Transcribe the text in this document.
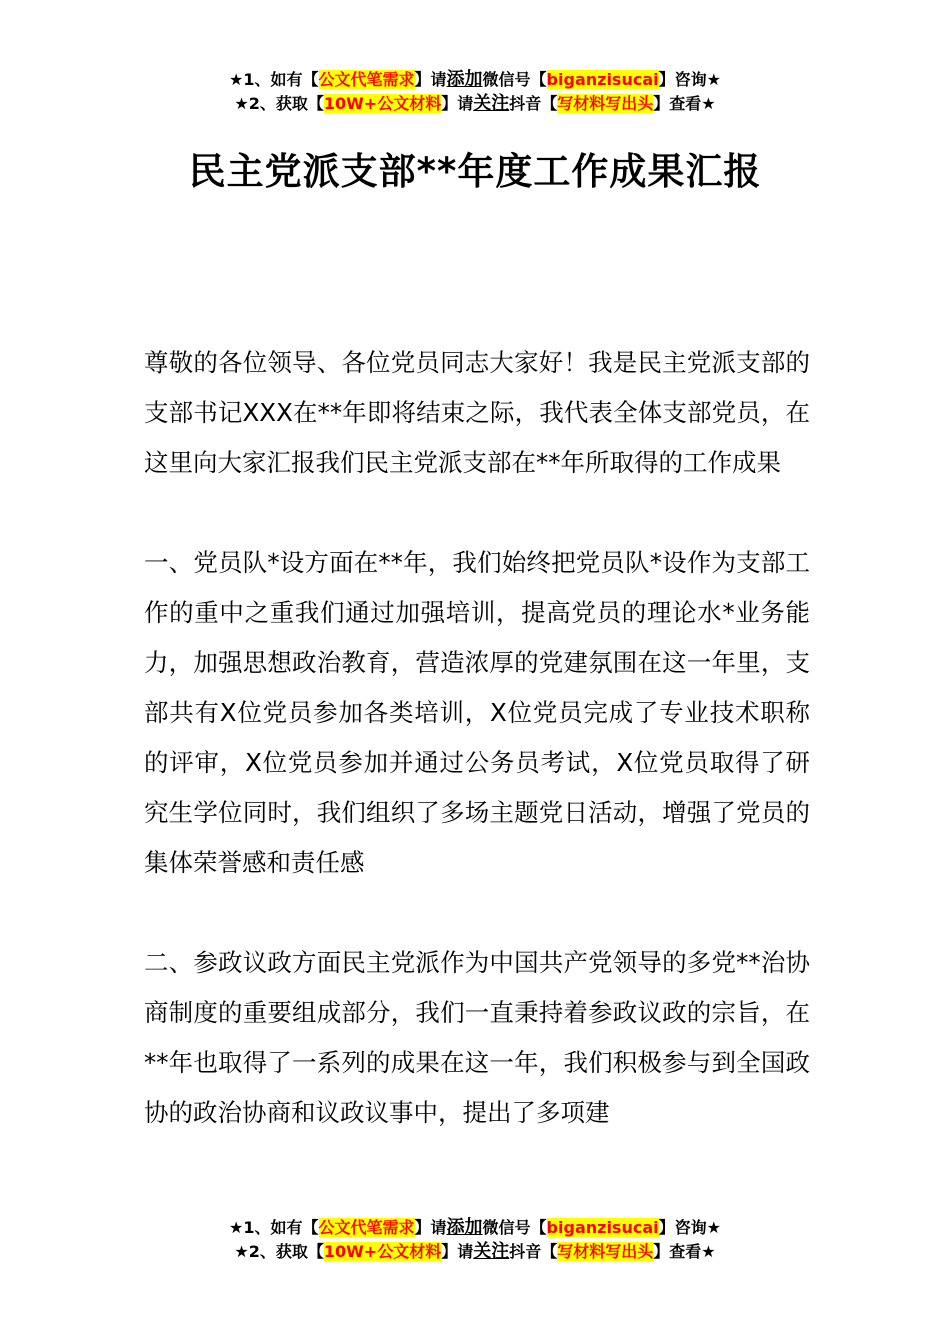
★1、如有【公文代笔需求】请添加微信号【biganzisucai】咨询★
★2、获取【10W+公文材料】请关注抖音【写材料写出头】查看★
民主党派支部**年度工作成果汇报

尊敬的各位领导、各位党员同志大家好！我是民主党派支部的支部书记XXX在**年即将结束之际，我代表全体支部党员，在这里向大家汇报我们民主党派支部在**年所取得的工作成果

一、党员队*设方面在**年，我们始终把党员队*设作为支部工作的重中之重我们通过加强培训，提高党员的理论水*业务能力，加强思想政治教育，营造浓厚的党建氛围在这一年里，支部共有X位党员参加各类培训，X位党员完成了专业技术职称的评审，X位党员参加并通过公务员考试，X位党员取得了研究生学位同时，我们组织了多场主题党日活动，增强了党员的集体荣誉感和责任感

二、参政议政方面民主党派作为中国共产党领导的多党**治协商制度的重要组成部分，我们一直秉持着参政议政的宗旨，在**年也取得了一系列的成果在这一年，我们积极参与到全国政协的政治协商和议政议事中，提出了多项建

★1、如有【公文代笔需求】请添加微信号【biganzisucai】咨询★
★2、获取【10W+公文材料】请关注抖音【写材料写出头】查看★
